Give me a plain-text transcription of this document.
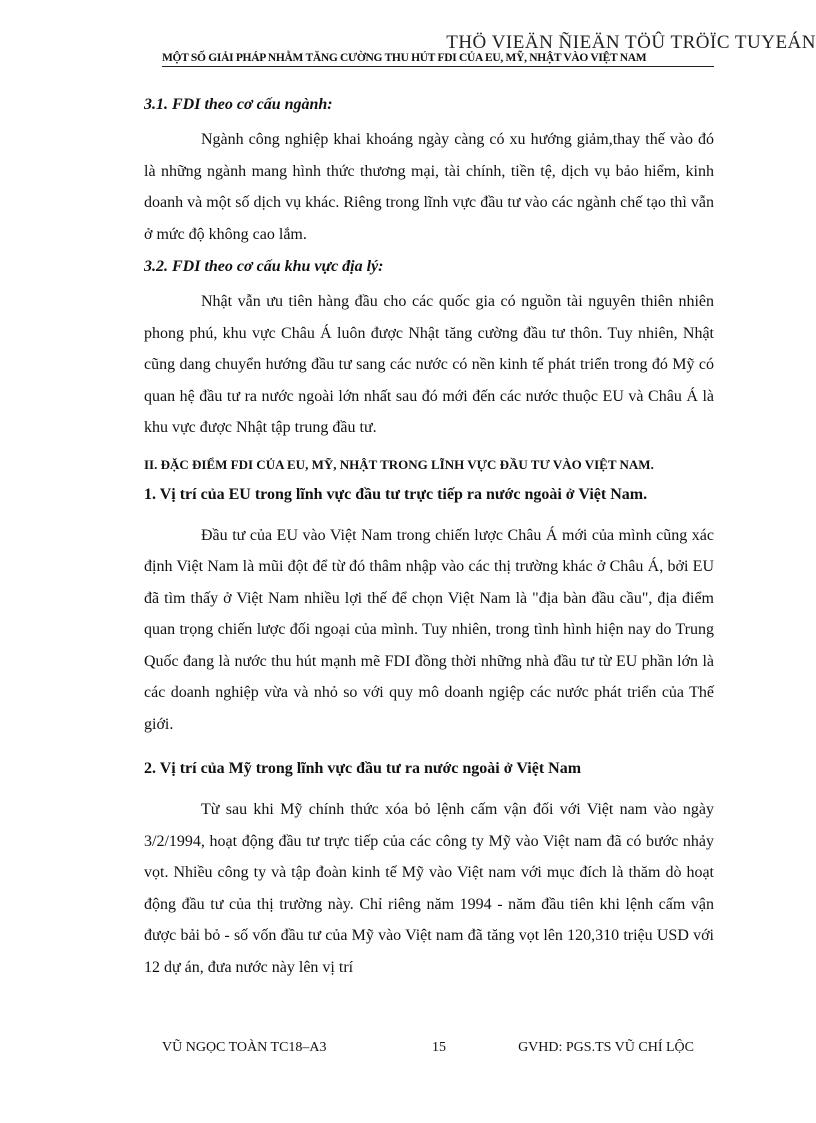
THÖ VIEÄN ÑIEÄN TÖÛ TRÖÏC TUYEÁN
MỘT SỐ GIẢI PHÁP NHẰM TĂNG CƯỜNG THU HÚT FDI CỦA EU, MỸ, NHẬT VÀO VIỆT NAM

3.1. FDI theo cơ cấu ngành:

Ngành công nghiệp khai khoáng ngày càng có xu hướng giảm,thay thế vào đó là những ngành mang hình thức thương mại, tài chính, tiền tệ, dịch vụ bảo hiểm, kinh doanh và một số dịch vụ khác. Riêng trong lĩnh vực đầu tư vào các ngành chế tạo thì vẫn ở mức độ không cao lắm.

3.2. FDI theo cơ cấu khu vực địa lý:

Nhật vẫn ưu tiên hàng đầu cho các quốc gia có nguồn tài nguyên thiên nhiên phong phú, khu vực Châu Á luôn được Nhật tăng cường đầu tư thôn. Tuy nhiên, Nhật cũng dang chuyển hướng đầu tư sang các nước có nền kinh tế phát triển trong đó Mỹ có quan hệ đầu tư ra nước ngoài lớn nhất sau đó mới đến các nước thuộc EU và Châu Á là khu vực được Nhật tập trung đầu tư.

II. ĐẶC ĐIỂM FDI CỦA EU, MỸ, NHẬT TRONG LĨNH VỰC ĐẦU TƯ VÀO VIỆT NAM.

1. Vị trí của EU trong lĩnh vực đầu tư trực tiếp ra nước ngoài ở Việt Nam.

Đầu tư của EU vào Việt Nam trong chiến lược Châu Á mới của mình cũng xác định Việt Nam là mũi đột để từ đó thâm nhập vào các thị trường khác ở Châu Á, bởi EU đã tìm thấy ở Việt Nam nhiều lợi thế để chọn Việt Nam là "địa bàn đầu cầu", địa điểm quan trọng chiến lược đối ngoại của mình. Tuy nhiên, trong tình hình hiện nay do Trung Quốc đang là nước thu hút mạnh mẽ FDI đồng thời những nhà đầu tư từ EU phần lớn là các doanh nghiệp vừa và nhỏ so với quy mô doanh ngiệp các nước phát triển của Thế giới.

2. Vị trí của Mỹ trong lĩnh vực đầu tư ra nước ngoài ở Việt Nam

Từ sau khi Mỹ chính thức xóa bỏ lệnh cấm vận đối với Việt nam vào ngày 3/2/1994, hoạt động đầu tư trực tiếp của các công ty Mỹ vào Việt nam đã có bước nhảy vọt. Nhiều công ty và tập đoàn kinh tế Mỹ vào Việt nam với mục đích là thăm dò hoạt động đầu tư của thị trường này. Chỉ riêng năm 1994 - năm đầu tiên khi lệnh cấm vận được bải bỏ - số vốn đầu tư của Mỹ vào Việt nam đã tăng vọt lên 120,310 triệu USD với 12 dự án, đưa nước này lên vị trí

VŨ NGỌC TOÀN TC18–A3	15	GVHD: PGS.TS VŨ CHÍ LỘC
